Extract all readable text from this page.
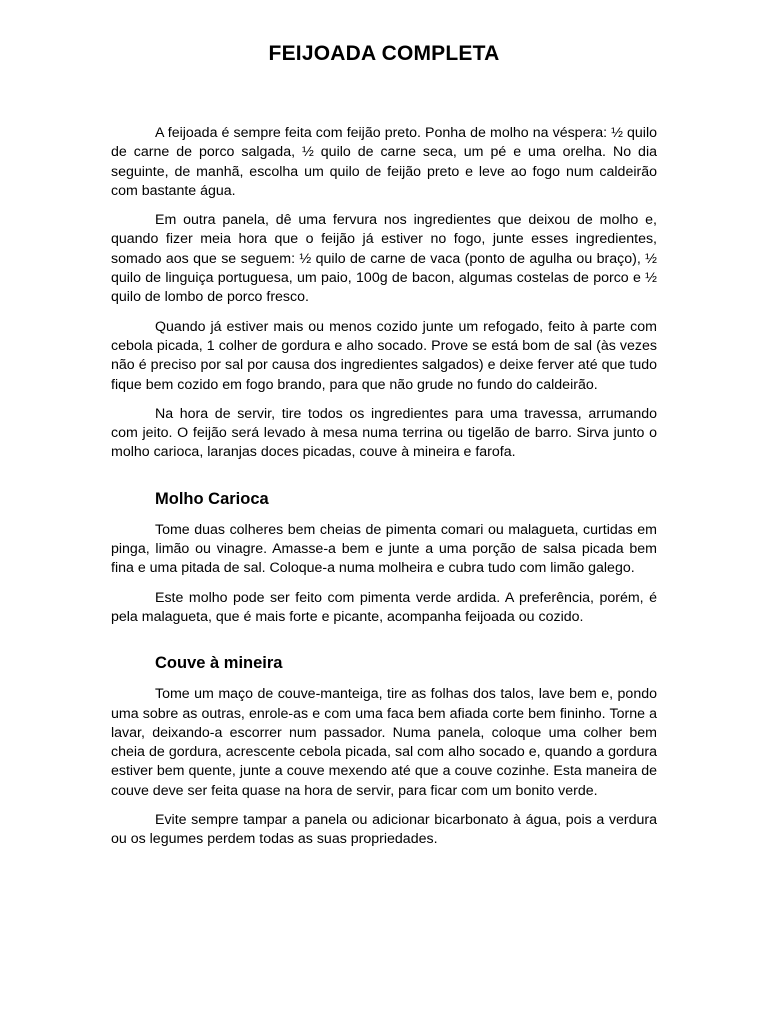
FEIJOADA COMPLETA

A feijoada é sempre feita com feijão preto. Ponha de molho na véspera: ½ quilo de carne de porco salgada, ½ quilo de carne seca, um pé e uma orelha. No dia seguinte, de manhã, escolha um quilo de feijão preto e leve ao fogo num caldeirão com bastante água.

Em outra panela, dê uma fervura nos ingredientes que deixou de molho e, quando fizer meia hora que o feijão já estiver no fogo, junte esses ingredientes, somado aos que se seguem: ½ quilo de carne de vaca (ponto de agulha ou braço), ½ quilo de linguiça portuguesa, um paio, 100g de bacon, algumas costelas de porco e ½ quilo de lombo de porco fresco.

Quando já estiver mais ou menos cozido junte um refogado, feito à parte com cebola picada, 1 colher de gordura e alho socado. Prove se está bom de sal (às vezes não é preciso por sal por causa dos ingredientes salgados) e deixe ferver até que tudo fique bem cozido em fogo brando, para que não grude no fundo do caldeirão.

Na hora de servir, tire todos os ingredientes para uma travessa, arrumando com jeito. O feijão será levado à mesa numa terrina ou tigelão de barro. Sirva junto o molho carioca, laranjas doces picadas, couve à mineira e farofa.

Molho Carioca

Tome duas colheres bem cheias de pimenta comari ou malagueta, curtidas em pinga, limão ou vinagre. Amasse-a bem e junte a uma porção de salsa picada bem fina e uma pitada de sal. Coloque-a numa molheira e cubra tudo com limão galego.

Este molho pode ser feito com pimenta verde ardida. A preferência, porém, é pela malagueta, que é mais forte e picante, acompanha feijoada ou cozido.

Couve à mineira

Tome um maço de couve-manteiga, tire as folhas dos talos, lave bem e, pondo uma sobre as outras, enrole-as e com uma faca bem afiada corte bem fininho. Torne a lavar, deixando-a escorrer num passador. Numa panela, coloque uma colher bem cheia de gordura, acrescente cebola picada, sal com alho socado e, quando a gordura estiver bem quente, junte a couve mexendo até que a couve cozinhe. Esta maneira de couve deve ser feita quase na hora de servir, para ficar com um bonito verde.

Evite sempre tampar a panela ou adicionar bicarbonato à água, pois a verdura ou os legumes perdem todas as suas propriedades.
